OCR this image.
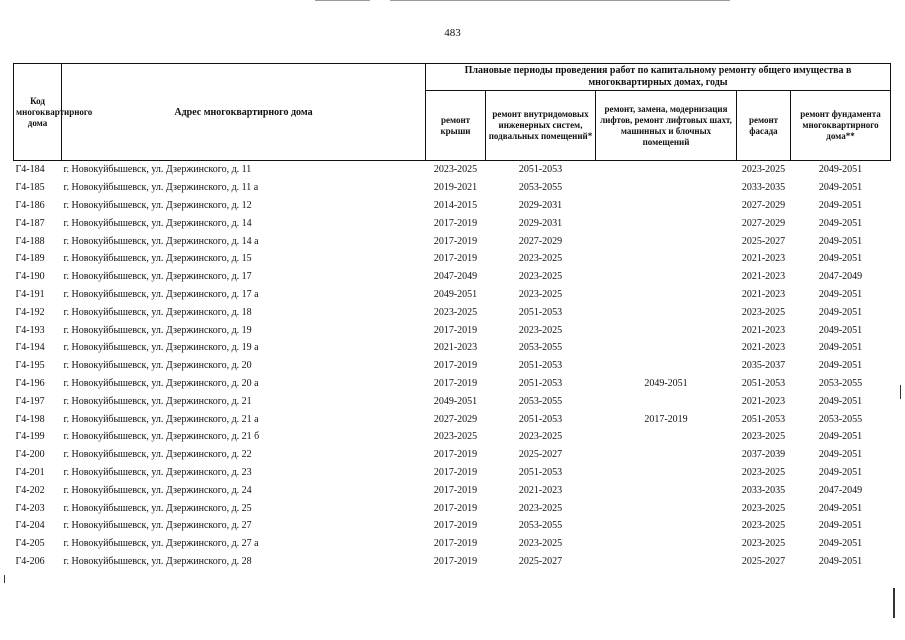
483
Код многоквартирного дома	Адрес многоквартирного дома	Плановые периоды проведения работ по капитальному ремонту общего имущества в многоквартирных домах, годы				
		ремонт крыши	ремонт внутридомовых инженерных систем, подвальных помещений*	ремонт, замена, модернизация лифтов, ремонт лифтовых шахт, машинных и блочных помещений	ремонт фасада	ремонт фундамента многоквартирного дома**
Г4-184	г. Новокуйбышевск, ул. Дзержинского, д. 11	2023-2025	2051-2053		2023-2025	2049-2051
Г4-185	г. Новокуйбышевск, ул. Дзержинского, д. 11 а	2019-2021	2053-2055		2033-2035	2049-2051
Г4-186	г. Новокуйбышевск, ул. Дзержинского, д. 12	2014-2015	2029-2031		2027-2029	2049-2051
Г4-187	г. Новокуйбышевск, ул. Дзержинского, д. 14	2017-2019	2029-2031		2027-2029	2049-2051
Г4-188	г. Новокуйбышевск, ул. Дзержинского, д. 14 а	2017-2019	2027-2029		2025-2027	2049-2051
Г4-189	г. Новокуйбышевск, ул. Дзержинского, д. 15	2017-2019	2023-2025		2021-2023	2049-2051
Г4-190	г. Новокуйбышевск, ул. Дзержинского, д. 17	2047-2049	2023-2025		2021-2023	2047-2049
Г4-191	г. Новокуйбышевск, ул. Дзержинского, д. 17 а	2049-2051	2023-2025		2021-2023	2049-2051
Г4-192	г. Новокуйбышевск, ул. Дзержинского, д. 18	2023-2025	2051-2053		2023-2025	2049-2051
Г4-193	г. Новокуйбышевск, ул. Дзержинского, д. 19	2017-2019	2023-2025		2021-2023	2049-2051
Г4-194	г. Новокуйбышевск, ул. Дзержинского, д. 19 а	2021-2023	2053-2055		2021-2023	2049-2051
Г4-195	г. Новокуйбышевск, ул. Дзержинского, д. 20	2017-2019	2051-2053		2035-2037	2049-2051
Г4-196	г. Новокуйбышевск, ул. Дзержинского, д. 20 а	2017-2019	2051-2053	2049-2051	2051-2053	2053-2055
Г4-197	г. Новокуйбышевск, ул. Дзержинского, д. 21	2049-2051	2053-2055		2021-2023	2049-2051
Г4-198	г. Новокуйбышевск, ул. Дзержинского, д. 21 а	2027-2029	2051-2053	2017-2019	2051-2053	2053-2055
Г4-199	г. Новокуйбышевск, ул. Дзержинского, д. 21 б	2023-2025	2023-2025		2023-2025	2049-2051
Г4-200	г. Новокуйбышевск, ул. Дзержинского, д. 22	2017-2019	2025-2027		2037-2039	2049-2051
Г4-201	г. Новокуйбышевск, ул. Дзержинского, д. 23	2017-2019	2051-2053		2023-2025	2049-2051
Г4-202	г. Новокуйбышевск, ул. Дзержинского, д. 24	2017-2019	2021-2023		2033-2035	2047-2049
Г4-203	г. Новокуйбышевск, ул. Дзержинского, д. 25	2017-2019	2023-2025		2023-2025	2049-2051
Г4-204	г. Новокуйбышевск, ул. Дзержинского, д. 27	2017-2019	2053-2055		2023-2025	2049-2051
Г4-205	г. Новокуйбышевск, ул. Дзержинского, д. 27 а	2017-2019	2023-2025		2023-2025	2049-2051
Г4-206	г. Новокуйбышевск, ул. Дзержинского, д. 28	2017-2019	2025-2027		2025-2027	2049-2051
